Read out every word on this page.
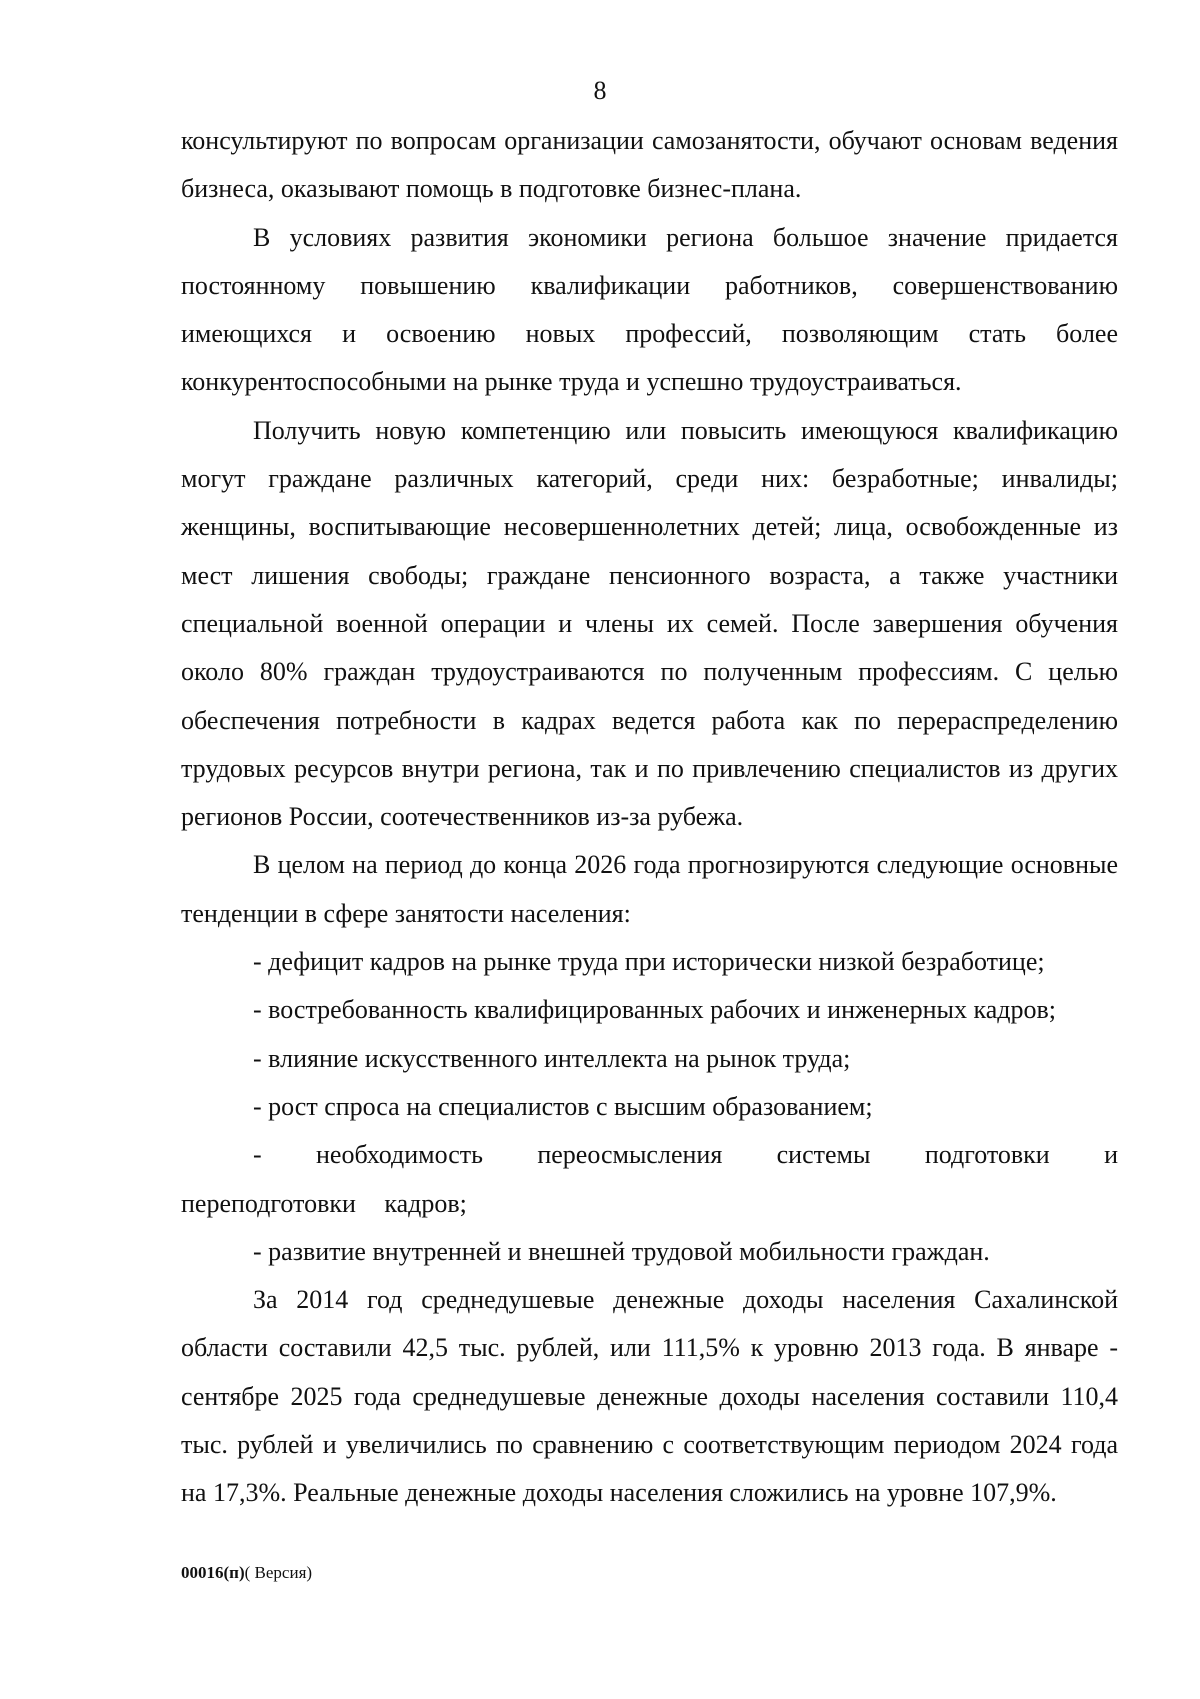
8

консультируют по вопросам организации самозанятости, обучают основам ведения бизнеса, оказывают помощь в подготовке бизнес-плана.

В условиях развития экономики региона большое значение придается постоянному повышению квалификации работников, совершенствованию имеющихся и освоению новых профессий, позволяющим стать более конкурентоспособными на рынке труда и успешно трудоустраиваться.

Получить новую компетенцию или повысить имеющуюся квалификацию могут граждане различных категорий, среди них: безработные; инвалиды; женщины, воспитывающие несовершеннолетних детей; лица, освобожденные из мест лишения свободы; граждане пенсионного возраста, а также участники специальной военной операции и члены их семей. После завершения обучения около 80% граждан трудоустраиваются по полученным профессиям. С целью обеспечения потребности в кадрах ведется работа как по перераспределению трудовых ресурсов внутри региона, так и по привлечению специалистов из других регионов России, соотечественников из-за рубежа.

В целом на период до конца 2026 года прогнозируются следующие основные тенденции в сфере занятости населения:

- дефицит кадров на рынке труда при исторически низкой безработице;

- востребованность квалифицированных рабочих и инженерных кадров;

- влияние искусственного интеллекта на рынок труда;

- рост спроса на специалистов с высшим образованием;

- необходимость переосмысления системы подготовки и переподготовки кадров;

- развитие внутренней и внешней трудовой мобильности граждан.

За 2014 год среднедушевые денежные доходы населения Сахалинской области составили 42,5 тыс. рублей, или 111,5% к уровню 2013 года. В январе - сентябре 2025 года среднедушевые денежные доходы населения составили 110,4 тыс. рублей и увеличились по сравнению с соответствующим периодом 2024 года на 17,3%. Реальные денежные доходы населения сложились на уровне 107,9%.

00016(п)( Версия)
